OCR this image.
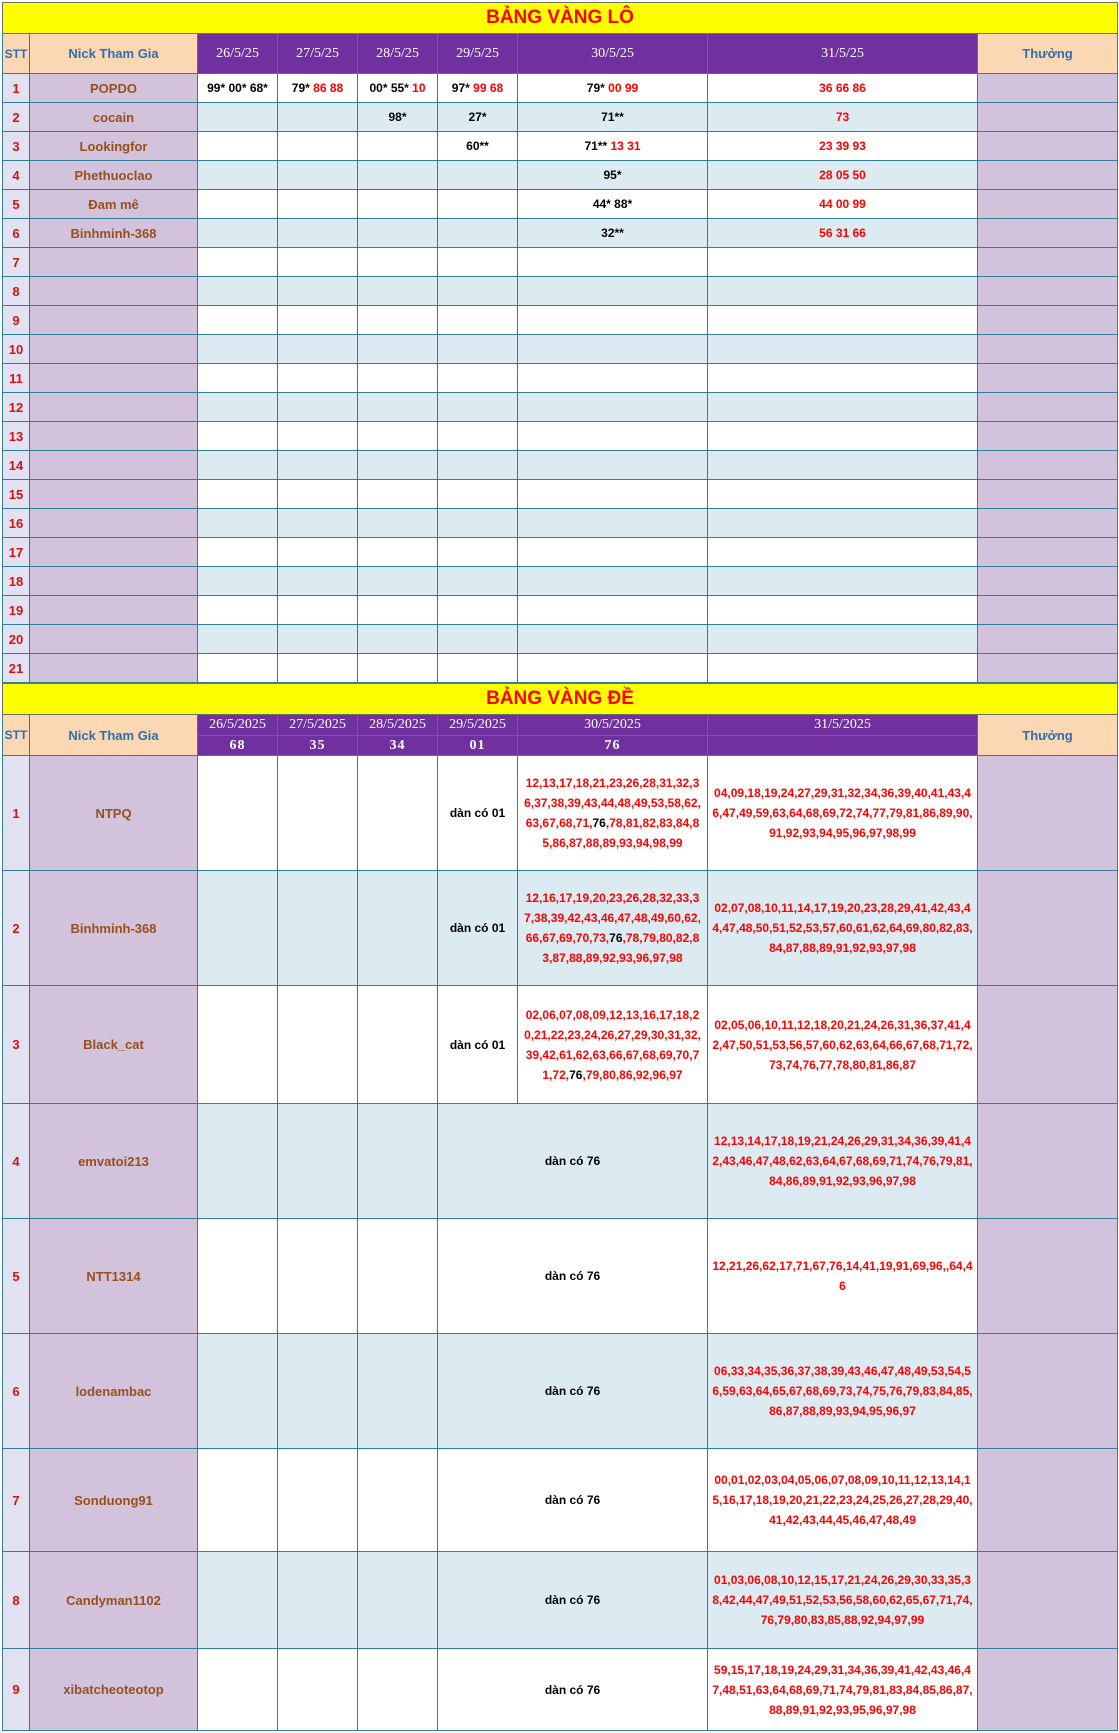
BẢNG VÀNG LÔ								
STT	Nick Tham Gia	26/5/25	27/5/25	28/5/25	29/5/25	30/5/25	31/5/25	Thưởng
1	POPDO	99* 00* 68*	79* 86 88	00* 55* 10	97* 99 68	79* 00 99	36 66 86	
2	cocain			98*	27*	71**	73	
3	Lookingfor				60**	71** 13 31	23 39 93	
4	Phethuoclao					95*	28 05 50	
5	Đam mê					44* 88*	44 00 99	
6	Binhminh-368					32**	56 31 66	
7								
8								
9								
10								
11								
12								
13								
14								
15								
16								
17								
18								
19								
20								
21								
BẢNG VÀNG ĐỀ								
STT	Nick Tham Gia	26/5/2025	27/5/2025	28/5/2025	29/5/2025	30/5/2025	31/5/2025	Thưởng
		68	35	34	01	76		
1	NTPQ				dàn có 01	12,13,17,18,21,23,26,28,31,32,36,37,38,39,43,44,48,49,53,58,62,63,67,68,71,76,78,81,82,83,84,85,86,87,88,89,93,94,98,99	04,09,18,19,24,27,29,31,32,34,36,39,40,41,43,46,47,49,59,63,64,68,69,72,74,77,79,81,86,89,90,91,92,93,94,95,96,97,98,99	
2	Binhminh-368				dàn có 01	12,16,17,19,20,23,26,28,32,33,37,38,39,42,43,46,47,48,49,60,62,66,67,69,70,73,76,78,79,80,82,83,87,88,89,92,93,96,97,98	02,07,08,10,11,14,17,19,20,23,28,29,41,42,43,44,47,48,50,51,52,53,57,60,61,62,64,69,80,82,83,84,87,88,89,91,92,93,97,98	
3	Black_cat				dàn có 01	02,06,07,08,09,12,13,16,17,18,20,21,22,23,24,26,27,29,30,31,32,39,42,61,62,63,66,67,68,69,70,71,72,76,79,80,86,92,96,97	02,05,06,10,11,12,18,20,21,24,26,31,36,37,41,42,47,50,51,53,56,57,60,62,63,64,66,67,68,71,72,73,74,76,77,78,80,81,86,87	
4	emvatoi213				dàn có 76		12,13,14,17,18,19,21,24,26,29,31,34,36,39,41,42,43,46,47,48,62,63,64,67,68,69,71,74,76,79,81,84,86,89,91,92,93,96,97,98	
5	NTT1314				dàn có 76		12,21,26,62,17,71,67,76,14,41,19,91,69,96,,64,46	
6	lodenambac				dàn có 76		06,33,34,35,36,37,38,39,43,46,47,48,49,53,54,56,59,63,64,65,67,68,69,73,74,75,76,79,83,84,85,86,87,88,89,93,94,95,96,97	
7	Sonduong91				dàn có 76		00,01,02,03,04,05,06,07,08,09,10,11,12,13,14,15,16,17,18,19,20,21,22,23,24,25,26,27,28,29,40,41,42,43,44,45,46,47,48,49	
8	Candyman1102				dàn có 76		01,03,06,08,10,12,15,17,21,24,26,29,30,33,35,38,42,44,47,49,51,52,53,56,58,60,62,65,67,71,74,76,79,80,83,85,88,92,94,97,99	
9	xibatcheoteotop				dàn có 76		59,15,17,18,19,24,29,31,34,36,39,41,42,43,46,47,48,51,63,64,68,69,71,74,79,81,83,84,85,86,87,88,89,91,92,93,95,96,97,98	
